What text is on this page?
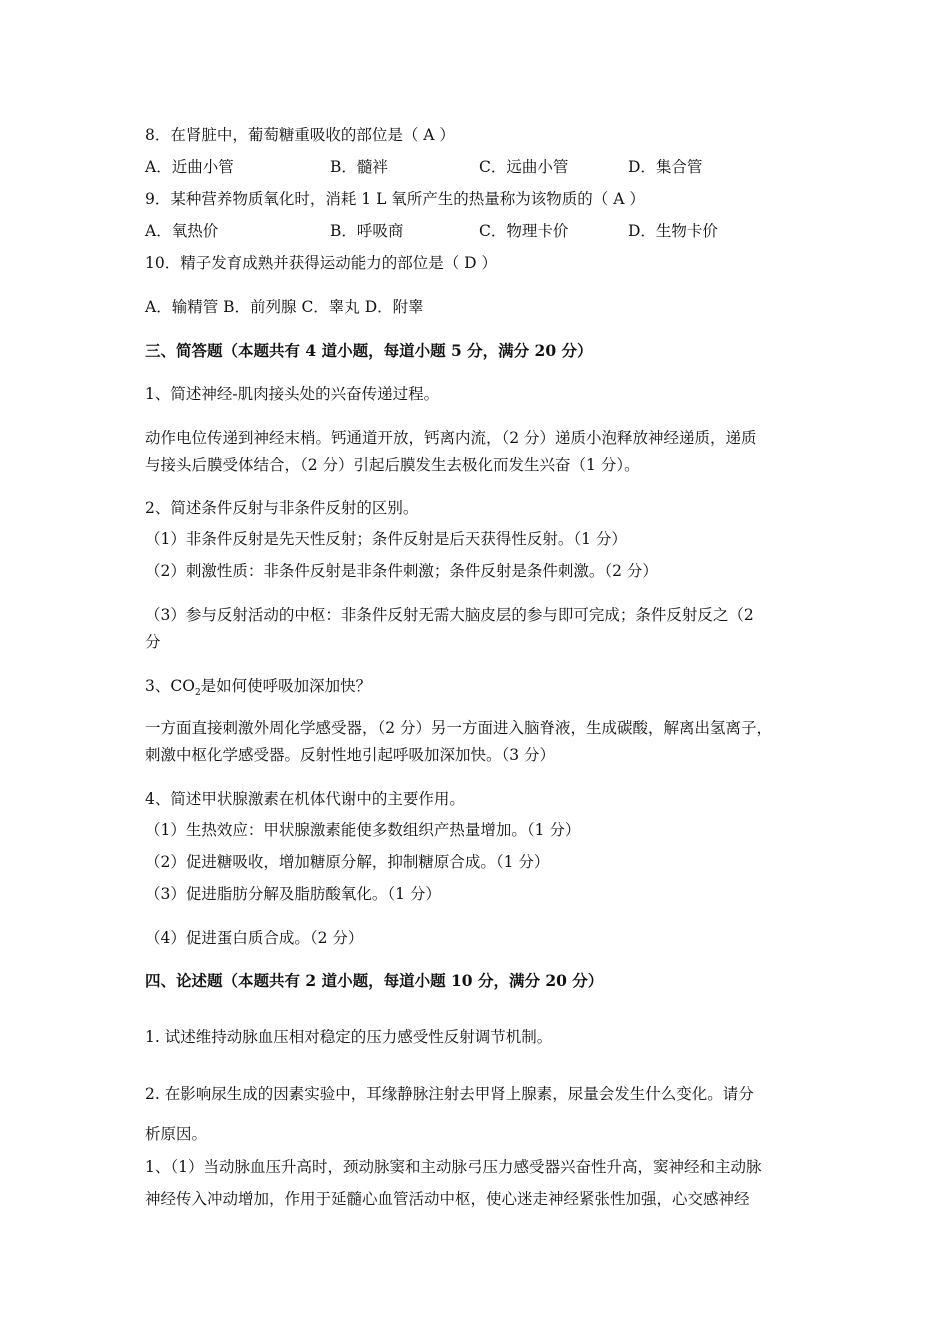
8．在肾脏中，葡萄糖重吸收的部位是（ A ）
A．近曲小管	B．髓袢	C．远曲小管	D．集合管
9．某种营养物质氧化时，消耗 1 L 氧所产生的热量称为该物质的（ A ）
A．氧热价	B．呼吸商	C．物理卡价	D．生物卡价
10．精子发育成熟并获得运动能力的部位是（ D ）
A．输精管 B．前列腺 C．睾丸 D．附睾
三、简答题（本题共有 4 道小题，每道小题 5 分，满分 20 分）
1、简述神经-肌肉接头处的兴奋传递过程。
动作电位传递到神经末梢。钙通道开放，钙离内流，（2 分）递质小泡释放神经递质，递质
与接头后膜受体结合，（2 分）引起后膜发生去极化而发生兴奋（1 分）。
2、简述条件反射与非条件反射的区别。
（1）非条件反射是先天性反射；条件反射是后天获得性反射。（1 分）
（2）刺激性质：非条件反射是非条件刺激；条件反射是条件刺激。（2 分）
（3）参与反射活动的中枢：非条件反射无需大脑皮层的参与即可完成；条件反射反之（2
分
3、$CO_2$是如何使呼吸加深加快？
一方面直接刺激外周化学感受器，（2 分）另一方面进入脑脊液，生成碳酸，解离出氢离子，
刺激中枢化学感受器。反射性地引起呼吸加深加快。（3 分）
4、简述甲状腺激素在机体代谢中的主要作用。
（1）生热效应：甲状腺激素能使多数组织产热量增加。（1 分）
（2）促进糖吸收，增加糖原分解，抑制糖原合成。（1 分）
（3）促进脂肪分解及脂肪酸氧化。（1 分）
（4）促进蛋白质合成。（2 分）
四、论述题（本题共有 2 道小题，每道小题 10 分，满分 20 分）
1. 试述维持动脉血压相对稳定的压力感受性反射调节机制。
2. 在影响尿生成的因素实验中，耳缘静脉注射去甲肾上腺素，尿量会发生什么变化。请分
析原因。
1、（1）当动脉血压升高时，颈动脉窦和主动脉弓压力感受器兴奋性升高，窦神经和主动脉
神经传入冲动增加，作用于延髓心血管活动中枢，使心迷走神经紧张性加强，心交感神经
